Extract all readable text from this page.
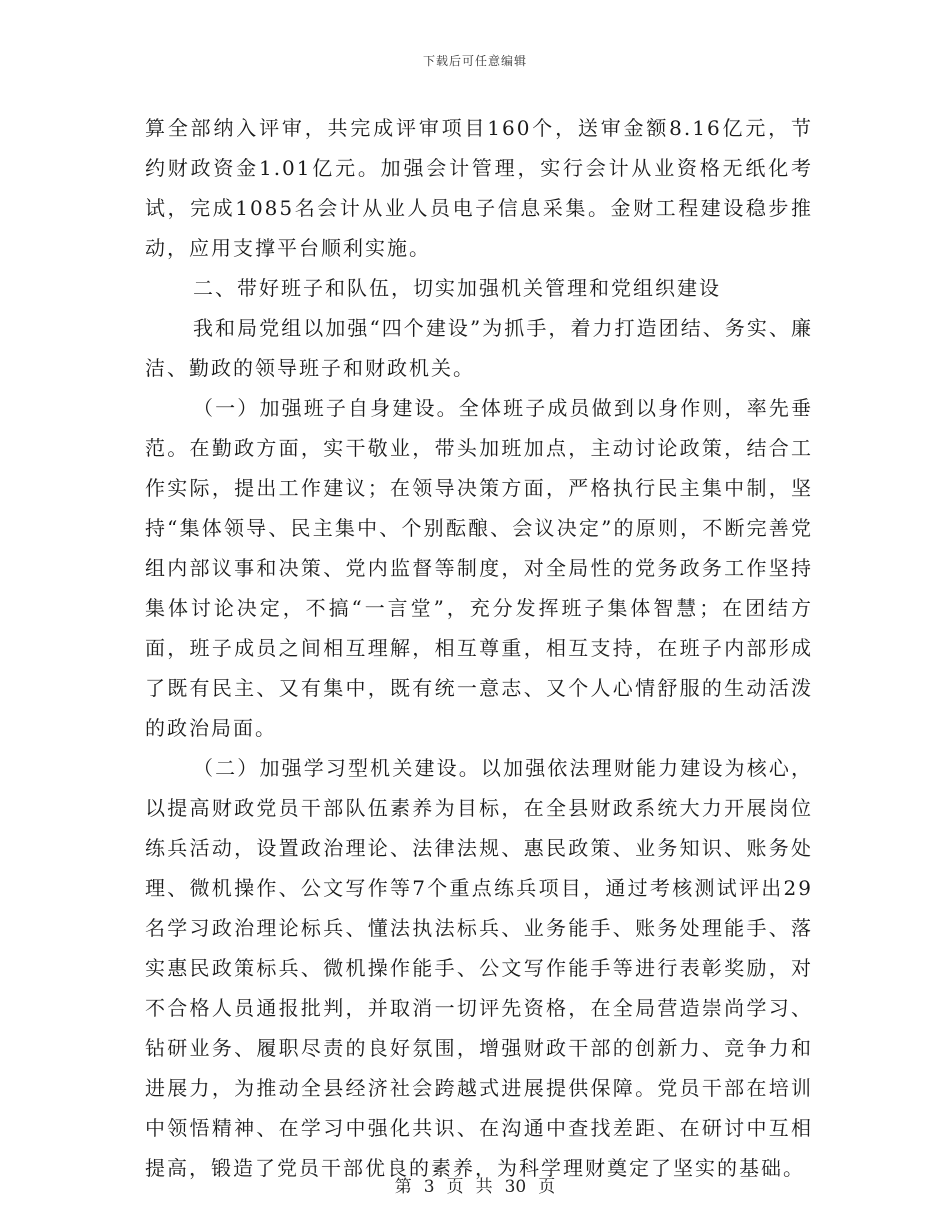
下载后可任意编辑

算全部纳入评审，共完成评审项目160个，送审金额8.16亿元，节约财政资金1.01亿元。加强会计管理，实行会计从业资格无纸化考试，完成1085名会计从业人员电子信息采集。金财工程建设稳步推动，应用支撑平台顺利实施。

二、带好班子和队伍，切实加强机关管理和党组织建设

我和局党组以加强“四个建设”为抓手，着力打造团结、务实、廉洁、勤政的领导班子和财政机关。

（一）加强班子自身建设。全体班子成员做到以身作则，率先垂范。在勤政方面，实干敬业，带头加班加点，主动讨论政策，结合工作实际，提出工作建议；在领导决策方面，严格执行民主集中制，坚持“集体领导、民主集中、个别酝酿、会议决定”的原则，不断完善党组内部议事和决策、党内监督等制度，对全局性的党务政务工作坚持集体讨论决定，不搞“一言堂”，充分发挥班子集体智慧；在团结方面，班子成员之间相互理解，相互尊重，相互支持，在班子内部形成了既有民主、又有集中，既有统一意志、又个人心情舒服的生动活泼的政治局面。

（二）加强学习型机关建设。以加强依法理财能力建设为核心，以提高财政党员干部队伍素养为目标，在全县财政系统大力开展岗位练兵活动，设置政治理论、法律法规、惠民政策、业务知识、账务处理、微机操作、公文写作等7个重点练兵项目，通过考核测试评出29名学习政治理论标兵、懂法执法标兵、业务能手、账务处理能手、落实惠民政策标兵、微机操作能手、公文写作能手等进行表彰奖励，对不合格人员通报批判，并取消一切评先资格，在全局营造崇尚学习、钻研业务、履职尽责的良好氛围，增强财政干部的创新力、竞争力和进展力，为推动全县经济社会跨越式进展提供保障。党员干部在培训中领悟精神、在学习中强化共识、在沟通中查找差距、在研讨中互相提高，锻造了党员干部优良的素养，为科学理财奠定了坚实的基础。

第 3 页 共 30 页
